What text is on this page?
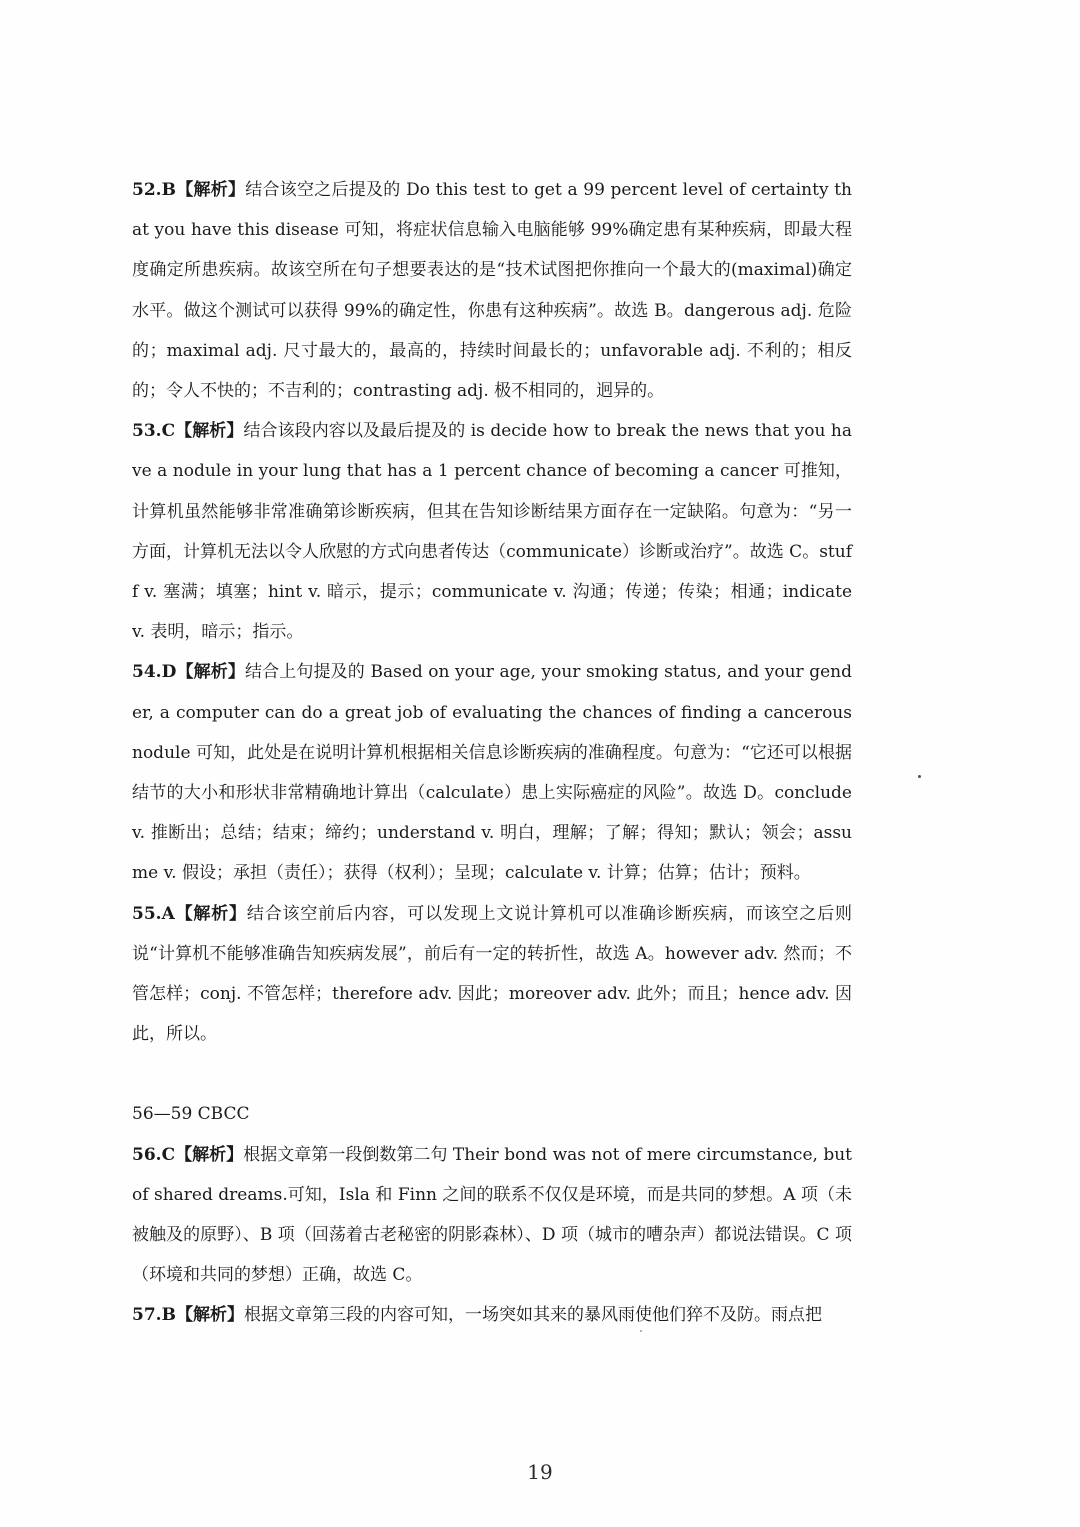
52.B【解析】结合该空之后提及的 Do this test to get a 99 percent level of certainty that you have this disease 可知，将症状信息输入电脑能够 99%确定患有某种疾病，即最大程度确定所患疾病。故该空所在句子想要表达的是“技术试图把你推向一个最大的(maximal)确定水平。做这个测试可以获得 99%的确定性，你患有这种疾病”。故选 B。dangerous adj. 危险的；maximal adj. 尺寸最大的，最高的，持续时间最长的；unfavorable adj. 不利的；相反的；令人不快的；不吉利的；contrasting adj. 极不相同的，迥异的。

53.C【解析】结合该段内容以及最后提及的 is decide how to break the news that you have a nodule in your lung that has a 1 percent chance of becoming a cancer 可推知，计算机虽然能够非常准确第诊断疾病，但其在告知诊断结果方面存在一定缺陷。句意为：“另一方面，计算机无法以令人欣慰的方式向患者传达（communicate）诊断或治疗”。故选 C。stuff v. 塞满；填塞；hint v. 暗示，提示；communicate v. 沟通；传递；传染；相通；indicate v. 表明，暗示；指示。

54.D【解析】结合上句提及的 Based on your age, your smoking status, and your gender, a computer can do a great job of evaluating the chances of finding a cancerous nodule 可知，此处是在说明计算机根据相关信息诊断疾病的准确程度。句意为：“它还可以根据结节的大小和形状非常精确地计算出（calculate）患上实际癌症的风险”。故选 D。conclude v. 推断出；总结；结束；缔约；understand v. 明白，理解；了解；得知；默认；领会；assume v. 假设；承担（责任）；获得（权利）；呈现；calculate v. 计算；估算；估计；预料。

55.A【解析】结合该空前后内容，可以发现上文说计算机可以准确诊断疾病，而该空之后则说“计算机不能够准确告知疾病发展”，前后有一定的转折性，故选 A。however adv. 然而；不管怎样；conj. 不管怎样；therefore adv. 因此；moreover adv. 此外；而且；hence adv. 因此，所以。

56—59 CBCC

56.C【解析】根据文章第一段倒数第二句 Their bond was not of mere circumstance, but of shared dreams.可知，Isla 和 Finn 之间的联系不仅仅是环境，而是共同的梦想。A 项（未被触及的原野）、B 项（回荡着古老秘密的阴影森林）、D 项（城市的嘈杂声）都说法错误。C 项（环境和共同的梦想）正确，故选 C。

57.B【解析】根据文章第三段的内容可知，一场突如其来的暴风雨使他们猝不及防。雨点把

19
